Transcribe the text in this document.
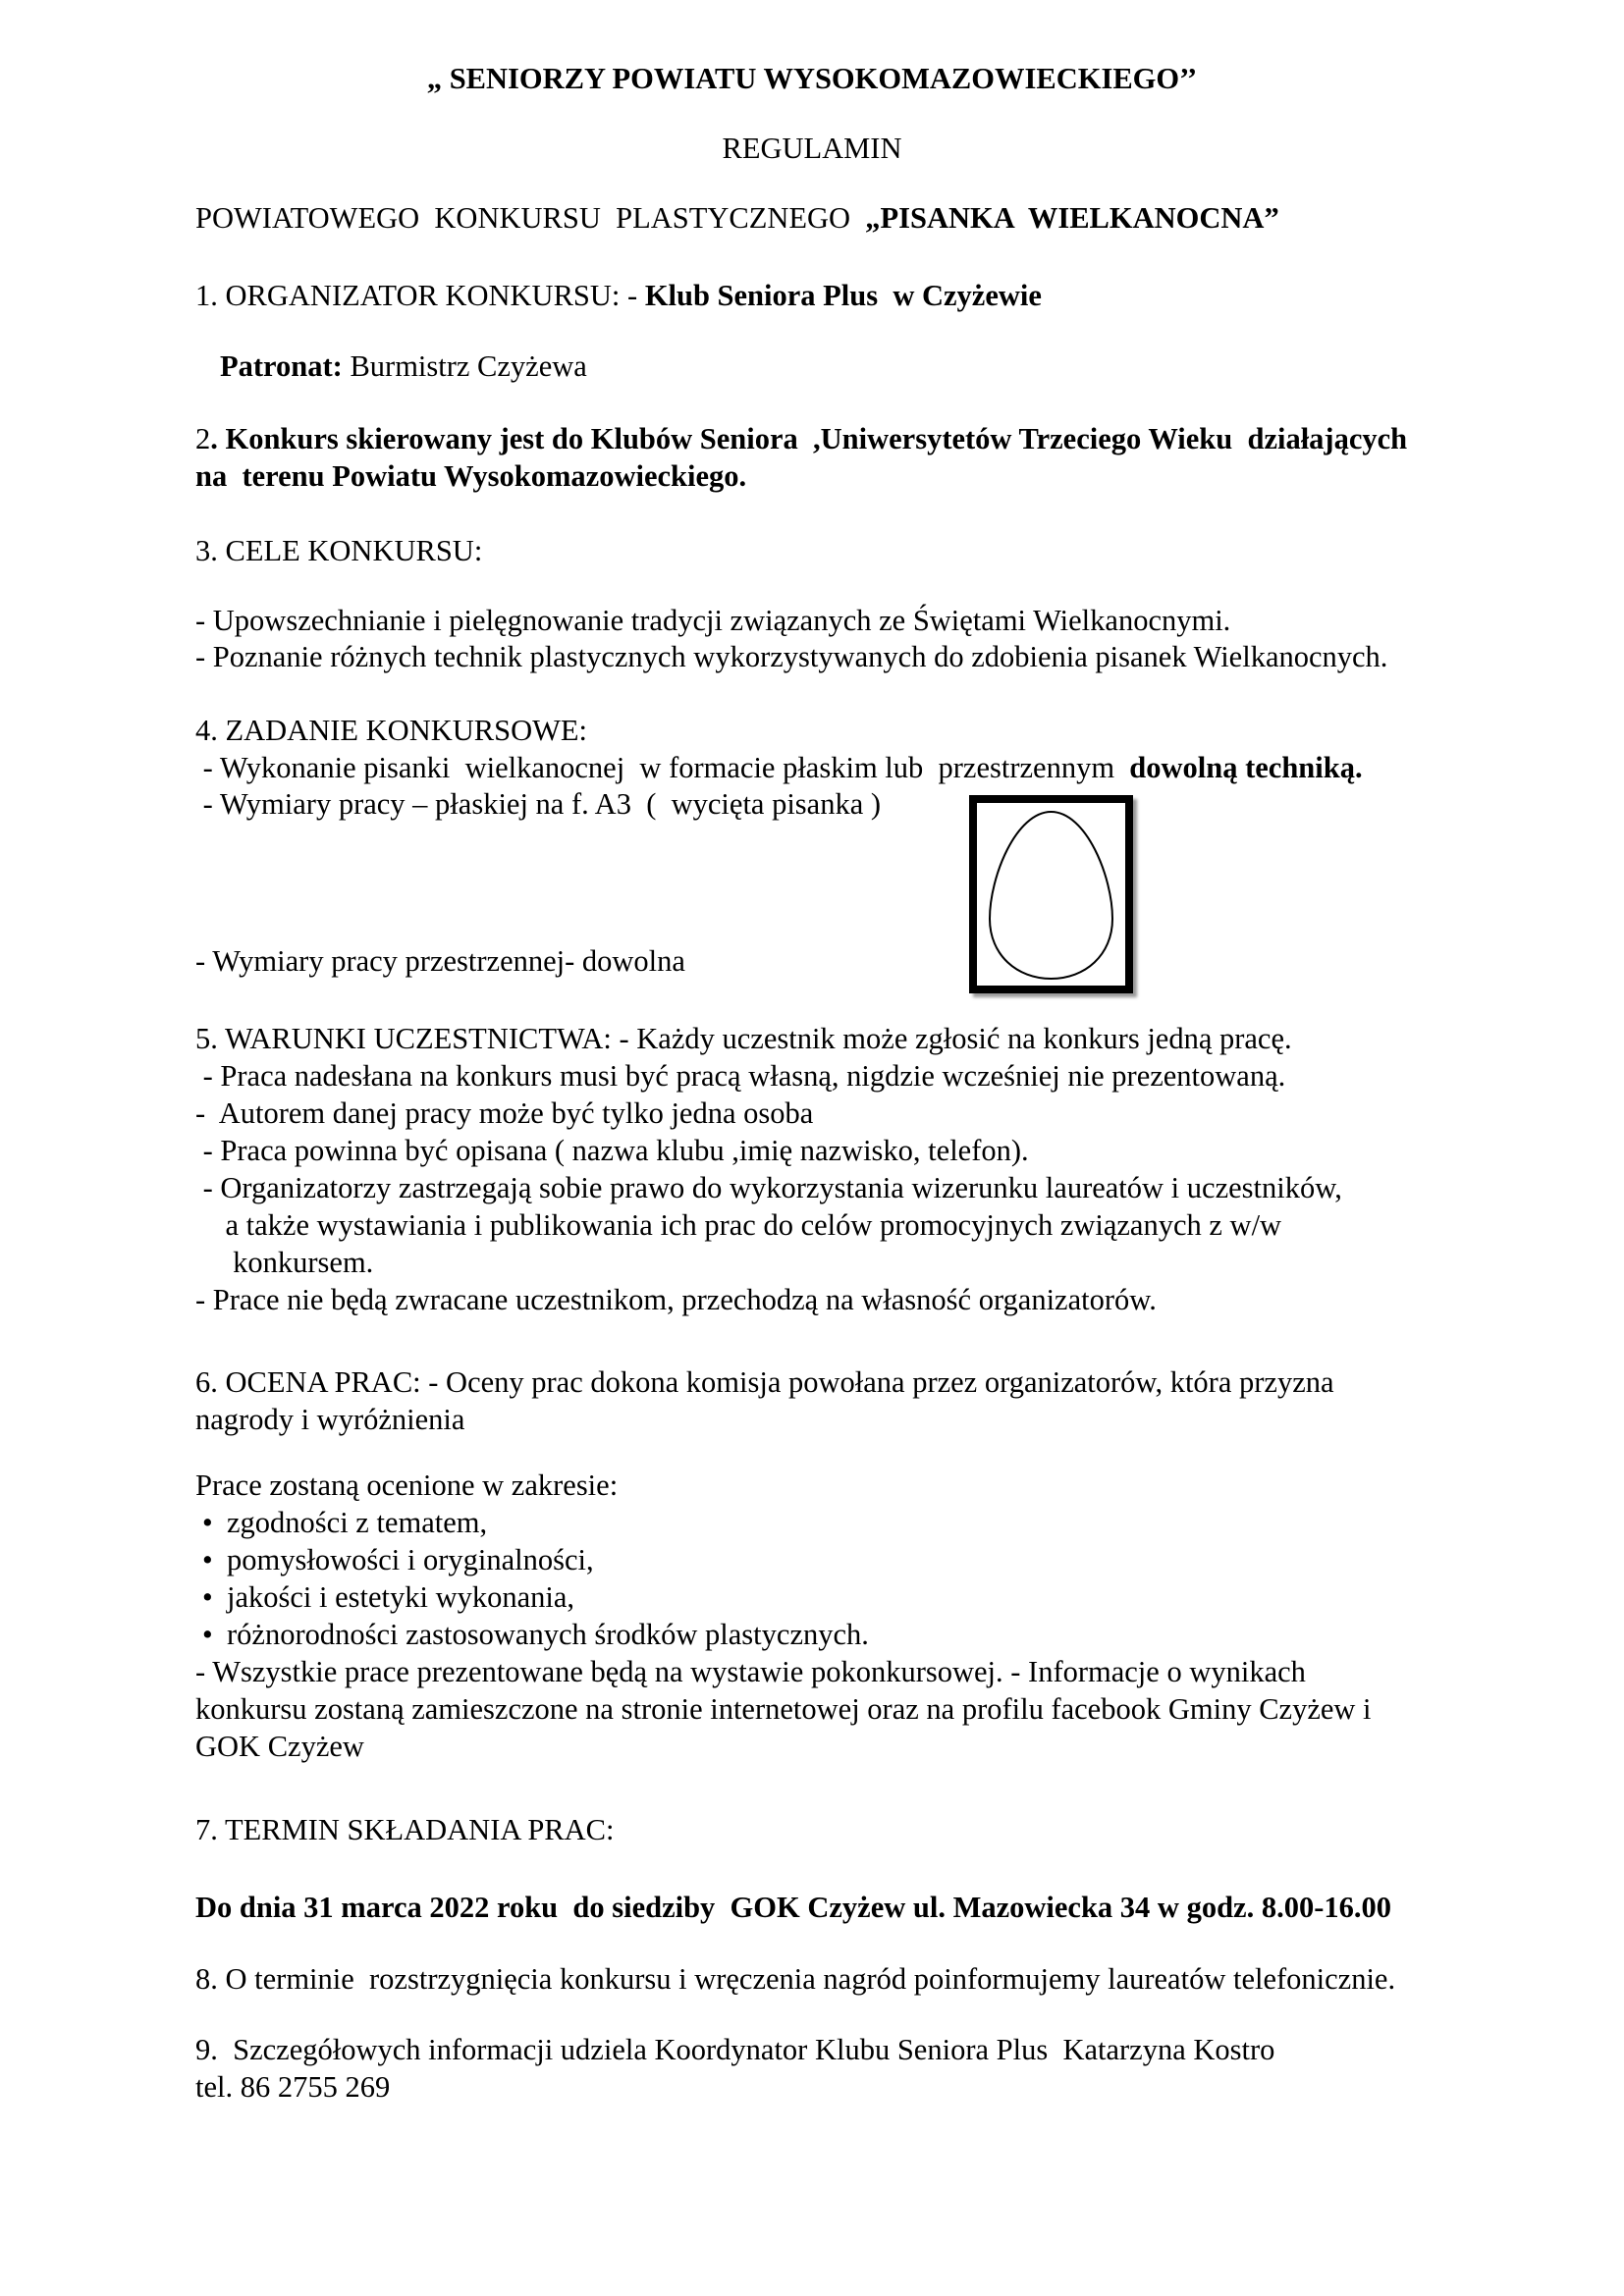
„ SENIORZY POWIATU WYSOKOMAZOWIECKIEGO’’

REGULAMIN

POWIATOWEGO  KONKURSU  PLASTYCZNEGO  „PISANKA  WIELKANOCNA”

1. ORGANIZATOR KONKURSU: - Klub Seniora Plus  w Czyżewie

Patronat: Burmistrz Czyżewa

2. Konkurs skierowany jest do Klubów Seniora  ,Uniwersytetów Trzeciego Wieku  działających

na  terenu Powiatu Wysokomazowieckiego.

3. CELE KONKURSU:

- Upowszechnianie i pielęgnowanie tradycji związanych ze Świętami Wielkanocnymi.

- Poznanie różnych technik plastycznych wykorzystywanych do zdobienia pisanek Wielkanocnych.

4. ZADANIE KONKURSOWE:

- Wykonanie pisanki  wielkanocnej  w formacie płaskim lub  przestrzennym  dowolną techniką.

- Wymiary pracy – płaskiej na f. A3  (  wycięta pisanka )

- Wymiary pracy przestrzennej- dowolna

5. WARUNKI UCZESTNICTWA: - Każdy uczestnik może zgłosić na konkurs jedną pracę.

- Praca nadesłana na konkurs musi być pracą własną, nigdzie wcześniej nie prezentowaną.

-  Autorem danej pracy może być tylko jedna osoba

- Praca powinna być opisana ( nazwa klubu ,imię nazwisko, telefon).

- Organizatorzy zastrzegają sobie prawo do wykorzystania wizerunku laureatów i uczestników,

a także wystawiania i publikowania ich prac do celów promocyjnych związanych z w/w

konkursem.

- Prace nie będą zwracane uczestnikom, przechodzą na własność organizatorów.

6. OCENA PRAC: - Oceny prac dokona komisja powołana przez organizatorów, która przyzna

nagrody i wyróżnienia

Prace zostaną ocenione w zakresie:

• zgodności z tematem,

• pomysłowości i oryginalności,

• jakości i estetyki wykonania,

• różnorodności zastosowanych środków plastycznych.

- Wszystkie prace prezentowane będą na wystawie pokonkursowej. - Informacje o wynikach

konkursu zostaną zamieszczone na stronie internetowej oraz na profilu facebook Gminy Czyżew i

GOK Czyżew

7. TERMIN SKŁADANIA PRAC:

Do dnia 31 marca 2022 roku  do siedziby  GOK Czyżew ul. Mazowiecka 34 w godz. 8.00-16.00

8. O terminie  rozstrzygnięcia konkursu i wręczenia nagród poinformujemy laureatów telefonicznie.

9.  Szczegółowych informacji udziela Koordynator Klubu Seniora Plus  Katarzyna Kostro

tel. 86 2755 269
